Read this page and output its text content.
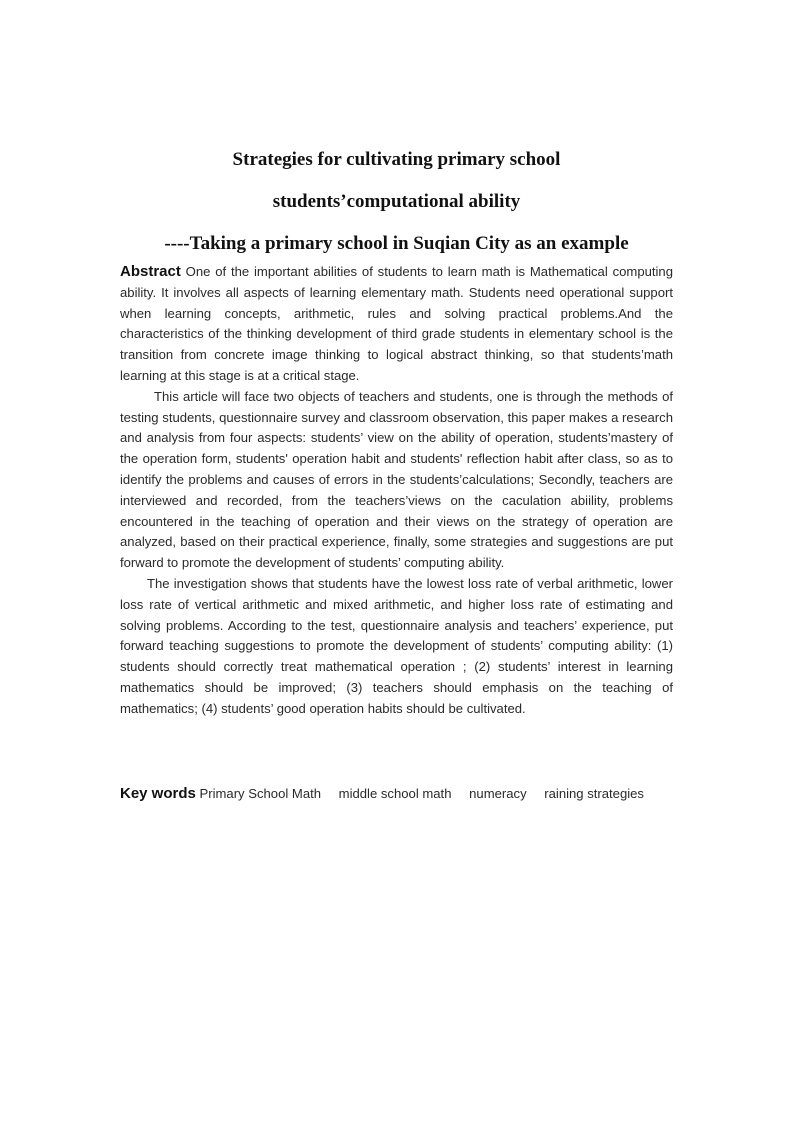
Strategies for cultivating primary school
students’computational ability
----Taking a primary school in Suqian City as an example

Abstract One of the important abilities of students to learn math is Mathematical computing ability. It involves all aspects of learning elementary math. Students need operational support when learning concepts, arithmetic, rules and solving practical problems.And the characteristics of the thinking development of third grade students in elementary school is the transition from concrete image thinking to logical abstract thinking, so that students’math learning at this stage is at a critical stage.

This article will face two objects of teachers and students, one is through the methods of testing students, questionnaire survey and classroom observation, this paper makes a research and analysis from four aspects: students’ view on the ability of operation, students’mastery of the operation form, students' operation habit and students' reflection habit after class, so as to identify the problems and causes of errors in the students’calculations; Secondly, teachers are interviewed and recorded, from the teachers’views on the caculation abiility, problems encountered in the teaching of operation and their views on the strategy of operation are analyzed, based on their practical experience, finally, some strategies and suggestions are put forward to promote the development of students’ computing ability.

The investigation shows that students have the lowest loss rate of verbal arithmetic, lower loss rate of vertical arithmetic and mixed arithmetic, and higher loss rate of estimating and solving problems. According to the test, questionnaire analysis and teachers’ experience, put forward teaching suggestions to promote the development of students’ computing ability: (1) students should correctly treat mathematical operation ; (2) students’ interest in learning mathematics should be improved; (3) teachers should emphasis on the teaching of mathematics; (4) students’ good operation habits should be cultivated.

Key words Primary School Math middle school math numeracy raining strategies
